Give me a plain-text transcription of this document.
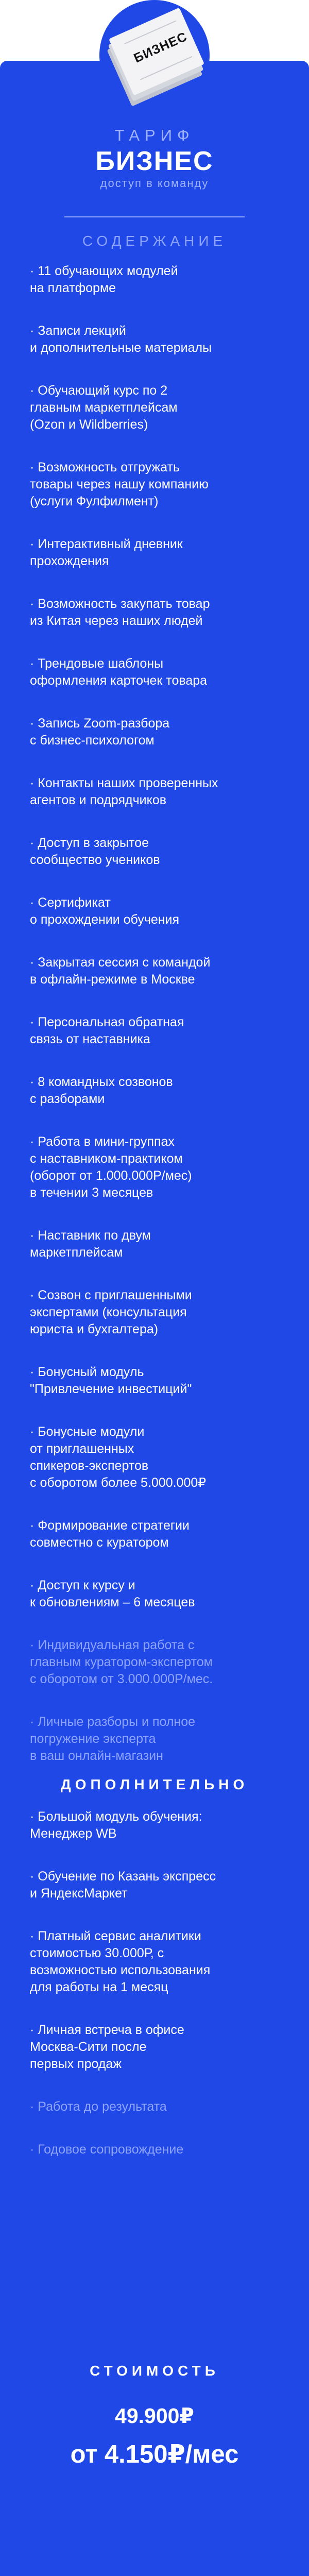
БИЗНЕС
ТАРИФ
БИЗНЕС
доступ в команду
СОДЕРЖАНИЕ
· 11 обучающих модулей
на платформе
· Записи лекций
и дополнительные материалы
· Обучающий курс по 2
главным маркетплейсам
(Ozon и Wildberries)
· Возможность отгружать
товары через нашу компанию
(услуги Фулфилмент)
· Интерактивный дневник
прохождения
· Возможность закупать товар
из Китая через наших людей
· Трендовые шаблоны
оформления карточек товара
· Запись Zoom-разбора
с бизнес-психологом
· Контакты наших проверенных
агентов и подрядчиков
· Доступ в закрытое
сообщество учеников
· Сертификат
о прохождении обучения
· Закрытая сессия с командой
в офлайн-режиме в Москве
· Персональная обратная
связь от наставника
· 8 командных созвонов
с разборами
· Работа в мини-группах
с наставником-практиком
(оборот от 1.000.000Р/мес)
в течении 3 месяцев
· Наставник по двум
маркетплейсам
· Созвон с приглашенными
экспертами (консультация
юриста и бухгалтера)
· Бонусный модуль
"Привлечение инвестиций"
· Бонусные модули
от приглашенных
спикеров-экспертов
с оборотом более 5.000.000₽
· Формирование стратегии
совместно с куратором
· Доступ к курсу и
к обновлениям – 6 месяцев
· Индивидуальная работа с
главным куратором-экспертом
с оборотом от 3.000.000Р/мес.
· Личные разборы и полное
погружение эксперта
в ваш онлайн-магазин
ДОПОЛНИТЕЛЬНО
· Большой модуль обучения:
Менеджер WB
· Обучение по Казань экспресс
и ЯндексМаркет
· Платный сервис аналитики
стоимостью 30.000Р, с
возможностью использования
для работы на 1 месяц
· Личная встреча в офисе
Москва-Сити после
первых продаж
· Работа до результата
· Годовое сопровождение
СТОИМОСТЬ
49.900₽
от 4.150₽/мес
